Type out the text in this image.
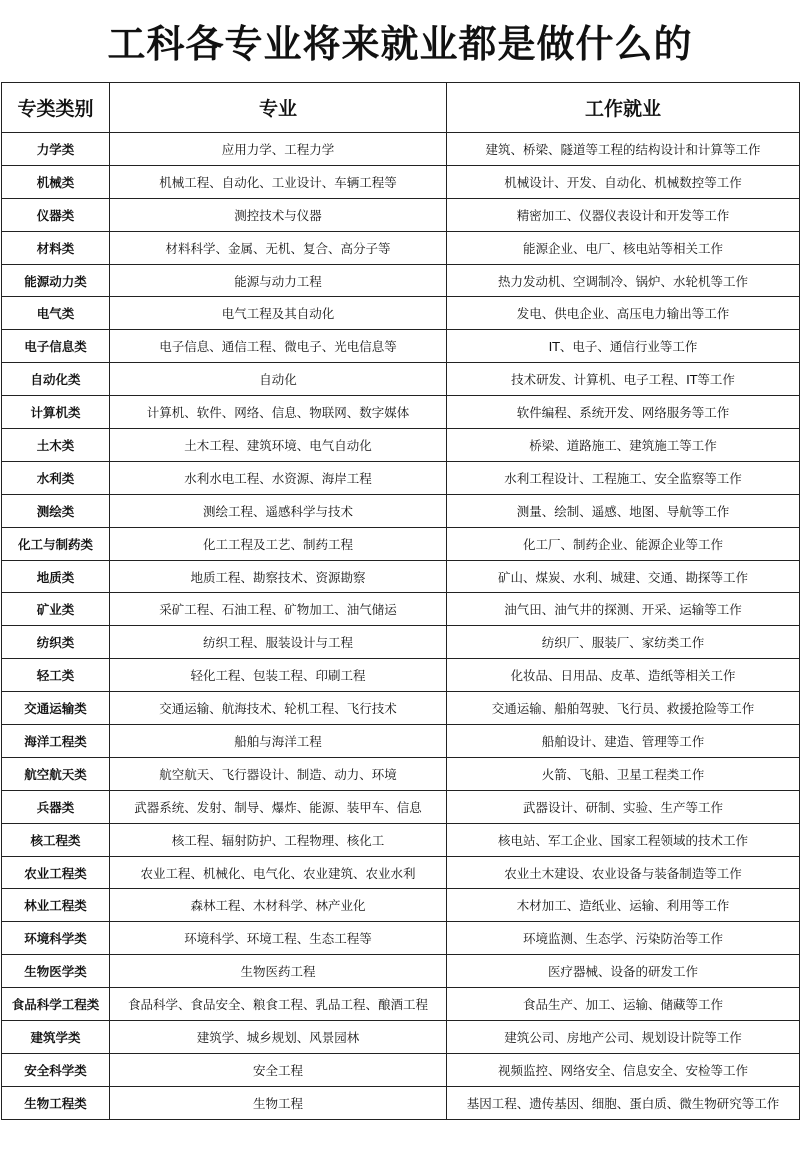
工科各专业将来就业都是做什么的
专类类别	专业	工作就业
力学类	应用力学、工程力学	建筑、桥梁、隧道等工程的结构设计和计算等工作
机械类	机械工程、自动化、工业设计、车辆工程等	机械设计、开发、自动化、机械数控等工作
仪器类	测控技术与仪器	精密加工、仪器仪表设计和开发等工作
材料类	材料科学、金属、无机、复合、高分子等	能源企业、电厂、核电站等相关工作
能源动力类	能源与动力工程	热力发动机、空调制冷、锅炉、水轮机等工作
电气类	电气工程及其自动化	发电、供电企业、高压电力输出等工作
电子信息类	电子信息、通信工程、微电子、光电信息等	IT、电子、通信行业等工作
自动化类	自动化	技术研发、计算机、电子工程、IT等工作
计算机类	计算机、软件、网络、信息、物联网、数字媒体	软件编程、系统开发、网络服务等工作
土木类	土木工程、建筑环境、电气自动化	桥梁、道路施工、建筑施工等工作
水利类	水利水电工程、水资源、海岸工程	水利工程设计、工程施工、安全监察等工作
测绘类	测绘工程、遥感科学与技术	测量、绘制、遥感、地图、导航等工作
化工与制药类	化工工程及工艺、制药工程	化工厂、制药企业、能源企业等工作
地质类	地质工程、勘察技术、资源勘察	矿山、煤炭、水利、城建、交通、勘探等工作
矿业类	采矿工程、石油工程、矿物加工、油气储运	油气田、油气井的探测、开采、运输等工作
纺织类	纺织工程、服装设计与工程	纺织厂、服装厂、家纺类工作
轻工类	轻化工程、包装工程、印刷工程	化妆品、日用品、皮革、造纸等相关工作
交通运输类	交通运输、航海技术、轮机工程、飞行技术	交通运输、船舶驾驶、飞行员、救援抢险等工作
海洋工程类	船舶与海洋工程	船舶设计、建造、管理等工作
航空航天类	航空航天、飞行器设计、制造、动力、环境	火箭、飞船、卫星工程类工作
兵器类	武器系统、发射、制导、爆炸、能源、装甲车、信息	武器设计、研制、实验、生产等工作
核工程类	核工程、辐射防护、工程物理、核化工	核电站、军工企业、国家工程领域的技术工作
农业工程类	农业工程、机械化、电气化、农业建筑、农业水利	农业土木建设、农业设备与装备制造等工作
林业工程类	森林工程、木材科学、林产业化	木材加工、造纸业、运输、利用等工作
环境科学类	环境科学、环境工程、生态工程等	环境监测、生态学、污染防治等工作
生物医学类	生物医药工程	医疗器械、设备的研发工作
食品科学工程类	食品科学、食品安全、粮食工程、乳品工程、酿酒工程	食品生产、加工、运输、储藏等工作
建筑学类	建筑学、城乡规划、风景园林	建筑公司、房地产公司、规划设计院等工作
安全科学类	安全工程	视频监控、网络安全、信息安全、安检等工作
生物工程类	生物工程	基因工程、遗传基因、细胞、蛋白质、微生物研究等工作
